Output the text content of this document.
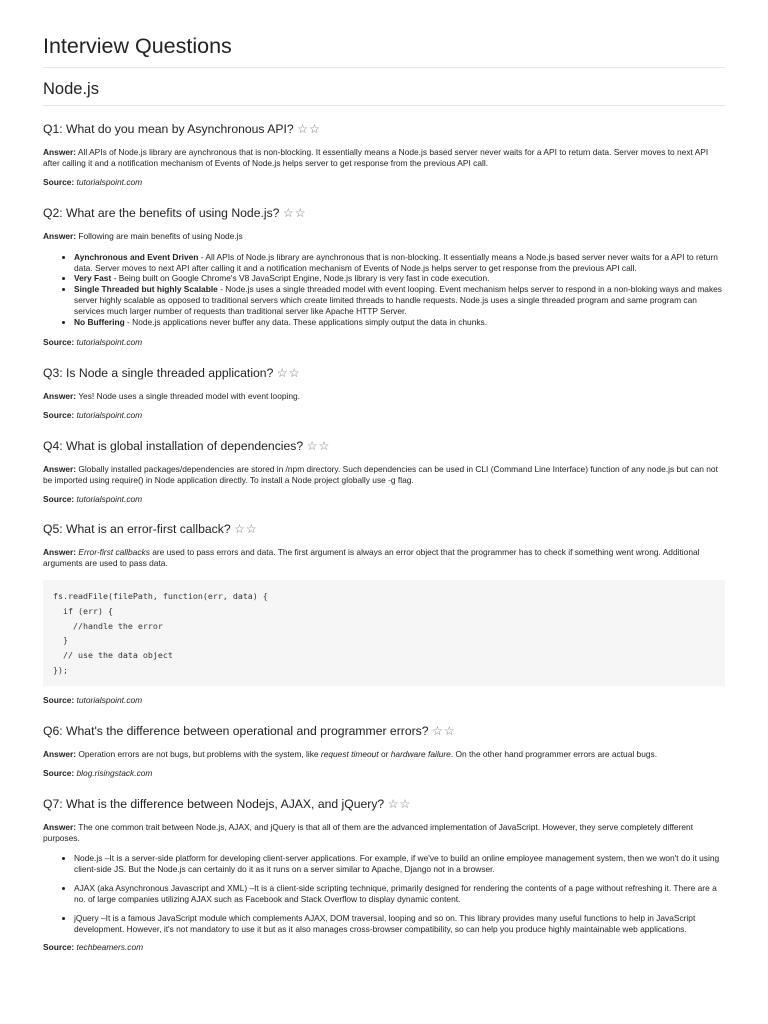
Interview Questions
Node.js
Q1: What do you mean by Asynchronous API? ☆☆

Answer: All APIs of Node.js library are aynchronous that is non-blocking. It essentially means a Node.js based server never waits for a API to return data. Server moves to next API after calling it and a notification mechanism of Events of Node.js helps server to get response from the previous API call.

Source: tutorialspoint.com

Q2: What are the benefits of using Node.js? ☆☆

Answer: Following are main benefits of using Node.js

• Aynchronous and Event Driven - All APIs of Node.js library are aynchronous that is non-blocking. It essentially means a Node.js based server never waits for a API to return data. Server moves to next API after calling it and a notification mechanism of Events of Node.js helps server to get response from the previous API call.
• Very Fast - Being built on Google Chrome's V8 JavaScript Engine, Node.js library is very fast in code execution.
• Single Threaded but highly Scalable - Node.js uses a single threaded model with event looping. Event mechanism helps server to respond in a non-bloking ways and makes server highly scalable as opposed to traditional servers which create limited threads to handle requests. Node.js uses a single threaded program and same program can services much larger number of requests than traditional server like Apache HTTP Server.
• No Buffering - Node.js applications never buffer any data. These applications simply output the data in chunks.

Source: tutorialspoint.com

Q3: Is Node a single threaded application? ☆☆

Answer: Yes! Node uses a single threaded model with event looping.

Source: tutorialspoint.com

Q4: What is global installation of dependencies? ☆☆

Answer: Globally installed packages/dependencies are stored in /npm directory. Such dependencies can be used in CLI (Command Line Interface) function of any node.js but can not be imported using require() in Node application directly. To install a Node project globally use -g flag.

Source: tutorialspoint.com

Q5: What is an error-first callback? ☆☆

Answer: Error-first callbacks are used to pass errors and data. The first argument is always an error object that the programmer has to check if something went wrong. Additional arguments are used to pass data.

fs.readFile(filePath, function(err, data) {
if (err) {
//handle the error
}
// use the data object
});

Source: tutorialspoint.com

Q6: What's the difference between operational and programmer errors? ☆☆

Answer: Operation errors are not bugs, but problems with the system, like request timeout or hardware failure. On the other hand programmer errors are actual bugs.

Source: blog.risingstack.com

Q7: What is the difference between Nodejs, AJAX, and jQuery? ☆☆

Answer: The one common trait between Node.js, AJAX, and jQuery is that all of them are the advanced implementation of JavaScript. However, they serve completely different purposes.

• Node.js –It is a server-side platform for developing client-server applications. For example, if we've to build an online employee management system, then we won't do it using client-side JS. But the Node.js can certainly do it as it runs on a server similar to Apache, Django not in a browser.
• AJAX (aka Asynchronous Javascript and XML) –It is a client-side scripting technique, primarily designed for rendering the contents of a page without refreshing it. There are a no. of large companies utilizing AJAX such as Facebook and Stack Overflow to display dynamic content.
• jQuery –It is a famous JavaScript module which complements AJAX, DOM traversal, looping and so on. This library provides many useful functions to help in JavaScript development. However, it's not mandatory to use it but as it also manages cross-browser compatibility, so can help you produce highly maintainable web applications.

Source: techbeamers.com
